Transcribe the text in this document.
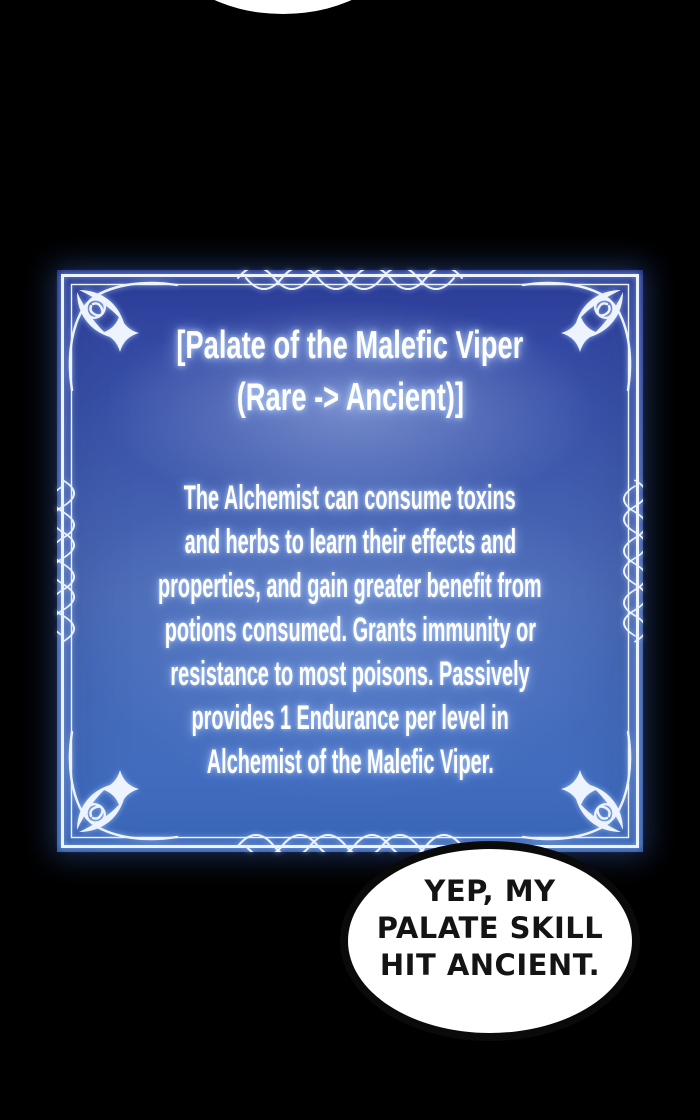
[Palate of the Malefic Viper
(Rare -> Ancient)]
The Alchemist can consume toxins
and herbs to learn their effects and
properties, and gain greater benefit from
potions consumed. Grants immunity or
resistance to most poisons. Passively
provides 1 Endurance per level in
Alchemist of the Malefic Viper.
YEP, MY
PALATE SKILL
HIT ANCIENT.
